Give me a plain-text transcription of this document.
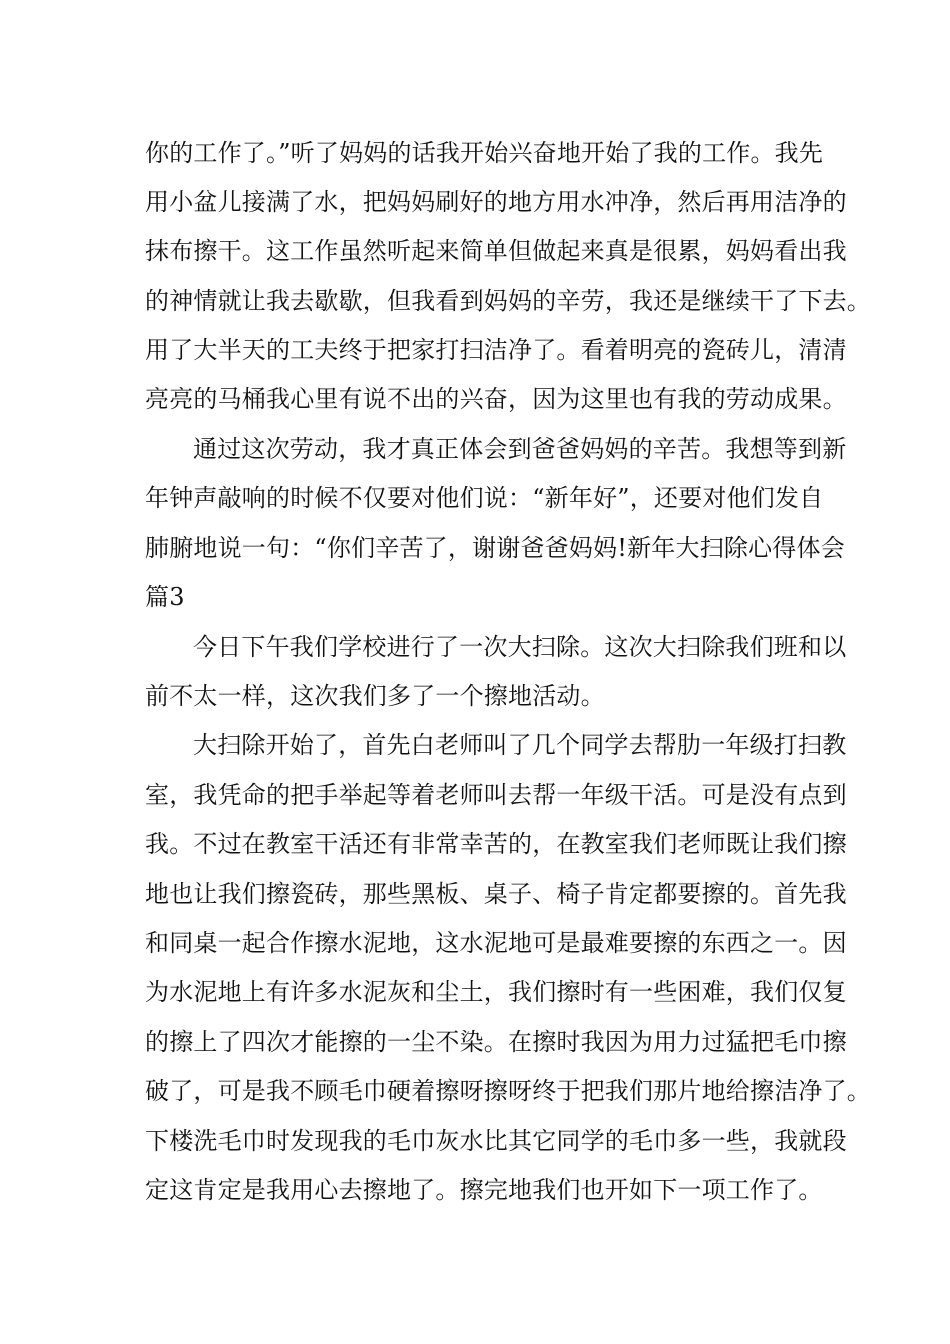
你的工作了。”听了妈妈的话我开始兴奋地开始了我的工作。我先
用小盆儿接满了水，把妈妈刷好的地方用水冲净，然后再用洁净的
抹布擦干。这工作虽然听起来简单但做起来真是很累，妈妈看出我
的神情就让我去歇歇，但我看到妈妈的辛劳，我还是继续干了下去。
用了大半天的工夫终于把家打扫洁净了。看着明亮的瓷砖儿，清清
亮亮的马桶我心里有说不出的兴奋，因为这里也有我的劳动成果。
通过这次劳动，我才真正体会到爸爸妈妈的辛苦。我想等到新
年钟声敲响的时候不仅要对他们说：“新年好”，还要对他们发自
肺腑地说一句：“你们辛苦了，谢谢爸爸妈妈!新年大扫除心得体会
篇3
今日下午我们学校进行了一次大扫除。这次大扫除我们班和以
前不太一样，这次我们多了一个擦地活动。
大扫除开始了，首先白老师叫了几个同学去帮肋一年级打扫教
室，我凭命的把手举起等着老师叫去帮一年级干活。可是没有点到
我。不过在教室干活还有非常幸苦的，在教室我们老师既让我们擦
地也让我们擦瓷砖，那些黑板、桌子、椅子肯定都要擦的。首先我
和同桌一起合作擦水泥地，这水泥地可是最难要擦的东西之一。因
为水泥地上有许多水泥灰和尘土，我们擦时有一些困难，我们仅复
的擦上了四次才能擦的一尘不染。在擦时我因为用力过猛把毛巾擦
破了，可是我不顾毛巾硬着擦呀擦呀终于把我们那片地给擦洁净了。
下楼洗毛巾时发现我的毛巾灰水比其它同学的毛巾多一些，我就段
定这肯定是我用心去擦地了。擦完地我们也开如下一项工作了。
